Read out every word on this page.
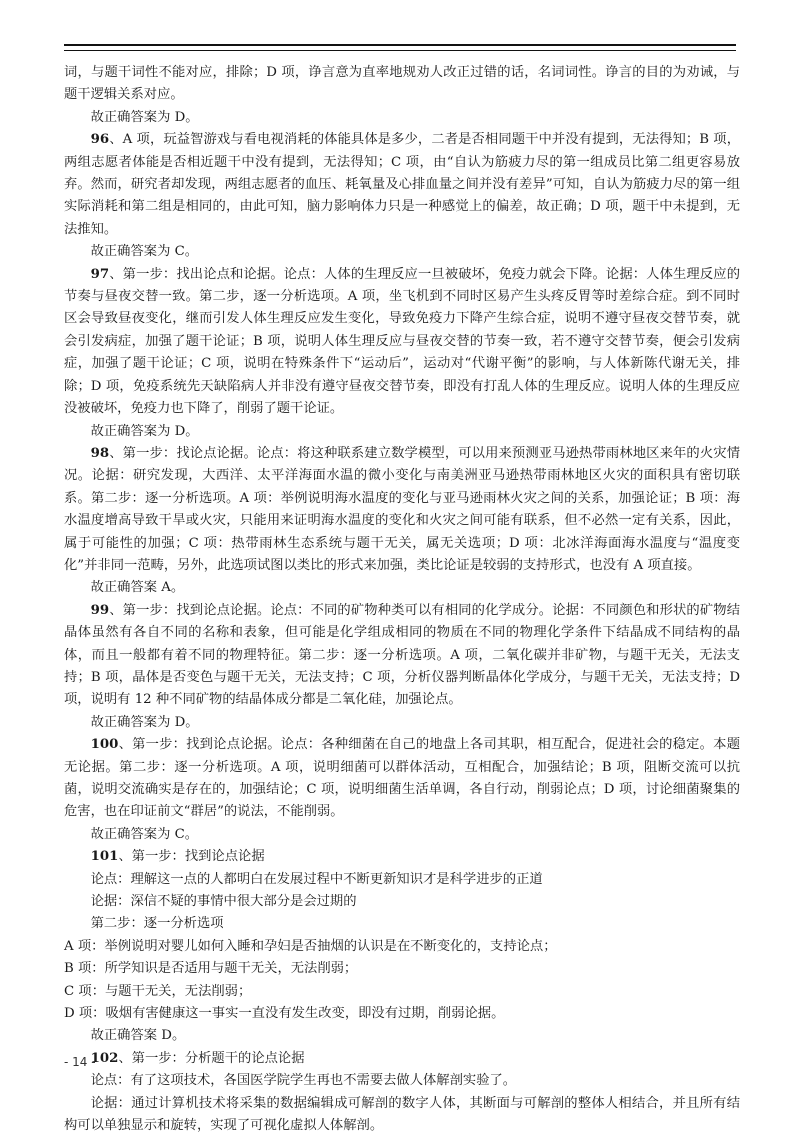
词，与题干词性不能对应，排除；D 项，诤言意为直率地规劝人改正过错的话，名词词性。诤言的目的为劝诫，与题干逻辑关系对应。

故正确答案为 D。

96、A 项，玩益智游戏与看电视消耗的体能具体是多少，二者是否相同题干中并没有提到，无法得知；B 项，两组志愿者体能是否相近题干中没有提到，无法得知；C 项，由“自认为筋疲力尽的第一组成员比第二组更容易放弃。然而，研究者却发现，两组志愿者的血压、耗氧量及心排血量之间并没有差异”可知，自认为筋疲力尽的第一组实际消耗和第二组是相同的，由此可知，脑力影响体力只是一种感觉上的偏差，故正确；D 项，题干中未提到，无法推知。

故正确答案为 C。

97、第一步：找出论点和论据。论点：人体的生理反应一旦被破坏，免疫力就会下降。论据：人体生理反应的节奏与昼夜交替一致。第二步，逐一分析选项。A 项，坐飞机到不同时区易产生头疼反胃等时差综合症。到不同时区会导致昼夜变化，继而引发人体生理反应发生变化，导致免疫力下降产生综合症，说明不遵守昼夜交替节奏，就会引发病症，加强了题干论证；B 项，说明人体生理反应与昼夜交替的节奏一致，若不遵守交替节奏，便会引发病症，加强了题干论证；C 项，说明在特殊条件下“运动后”，运动对“代谢平衡”的影响，与人体新陈代谢无关，排除；D 项，免疫系统先天缺陷病人并非没有遵守昼夜交替节奏，即没有打乱人体的生理反应。说明人体的生理反应没被破坏，免疫力也下降了，削弱了题干论证。

故正确答案为 D。

98、第一步：找论点论据。论点：将这种联系建立数学模型，可以用来预测亚马逊热带雨林地区来年的火灾情况。论据：研究发现，大西洋、太平洋海面水温的微小变化与南美洲亚马逊热带雨林地区火灾的面积具有密切联系。第二步：逐一分析选项。A 项：举例说明海水温度的变化与亚马逊雨林火灾之间的关系，加强论证；B 项：海水温度增高导致干旱或火灾，只能用来证明海水温度的变化和火灾之间可能有联系，但不必然一定有关系，因此，属于可能性的加强；C 项：热带雨林生态系统与题干无关，属无关选项；D 项：北冰洋海面海水温度与“温度变化”并非同一范畴，另外，此选项试图以类比的形式来加强，类比论证是较弱的支持形式，也没有 A 项直接。

故正确答案 A。

99、第一步：找到论点论据。论点：不同的矿物种类可以有相同的化学成分。论据：不同颜色和形状的矿物结晶体虽然有各自不同的名称和表象，但可能是化学组成相同的物质在不同的物理化学条件下结晶成不同结构的晶体，而且一般都有着不同的物理特征。第二步：逐一分析选项。A 项，二氧化碳并非矿物，与题干无关，无法支持；B 项，晶体是否变色与题干无关，无法支持；C 项，分析仪器判断晶体化学成分，与题干无关，无法支持；D 项，说明有 12 种不同矿物的结晶体成分都是二氧化硅，加强论点。

故正确答案为 D。

100、第一步：找到论点论据。论点：各种细菌在自己的地盘上各司其职，相互配合，促进社会的稳定。本题无论据。第二步：逐一分析选项。A 项，说明细菌可以群体活动，互相配合，加强结论；B 项，阻断交流可以抗菌，说明交流确实是存在的，加强结论；C 项，说明细菌生活单调，各自行动，削弱论点；D 项，讨论细菌聚集的危害，也在印证前文“群居”的说法，不能削弱。

故正确答案为 C。

101、第一步：找到论点论据

论点：理解这一点的人都明白在发展过程中不断更新知识才是科学进步的正道

论据：深信不疑的事情中很大部分是会过期的

第二步：逐一分析选项

A 项：举例说明对婴儿如何入睡和孕妇是否抽烟的认识是在不断变化的，支持论点；

B 项：所学知识是否适用与题干无关，无法削弱；

C 项：与题干无关，无法削弱；

D 项：吸烟有害健康这一事实一直没有发生改变，即没有过期，削弱论据。

故正确答案 D。

102、第一步：分析题干的论点论据

论点：有了这项技术，各国医学院学生再也不需要去做人体解剖实验了。

论据：通过计算机技术将采集的数据编辑成可解剖的数字人体，其断面与可解剖的整体人相结合，并且所有结构可以单独显示和旋转，实现了可视化虚拟人体解剖。

- 14 -
